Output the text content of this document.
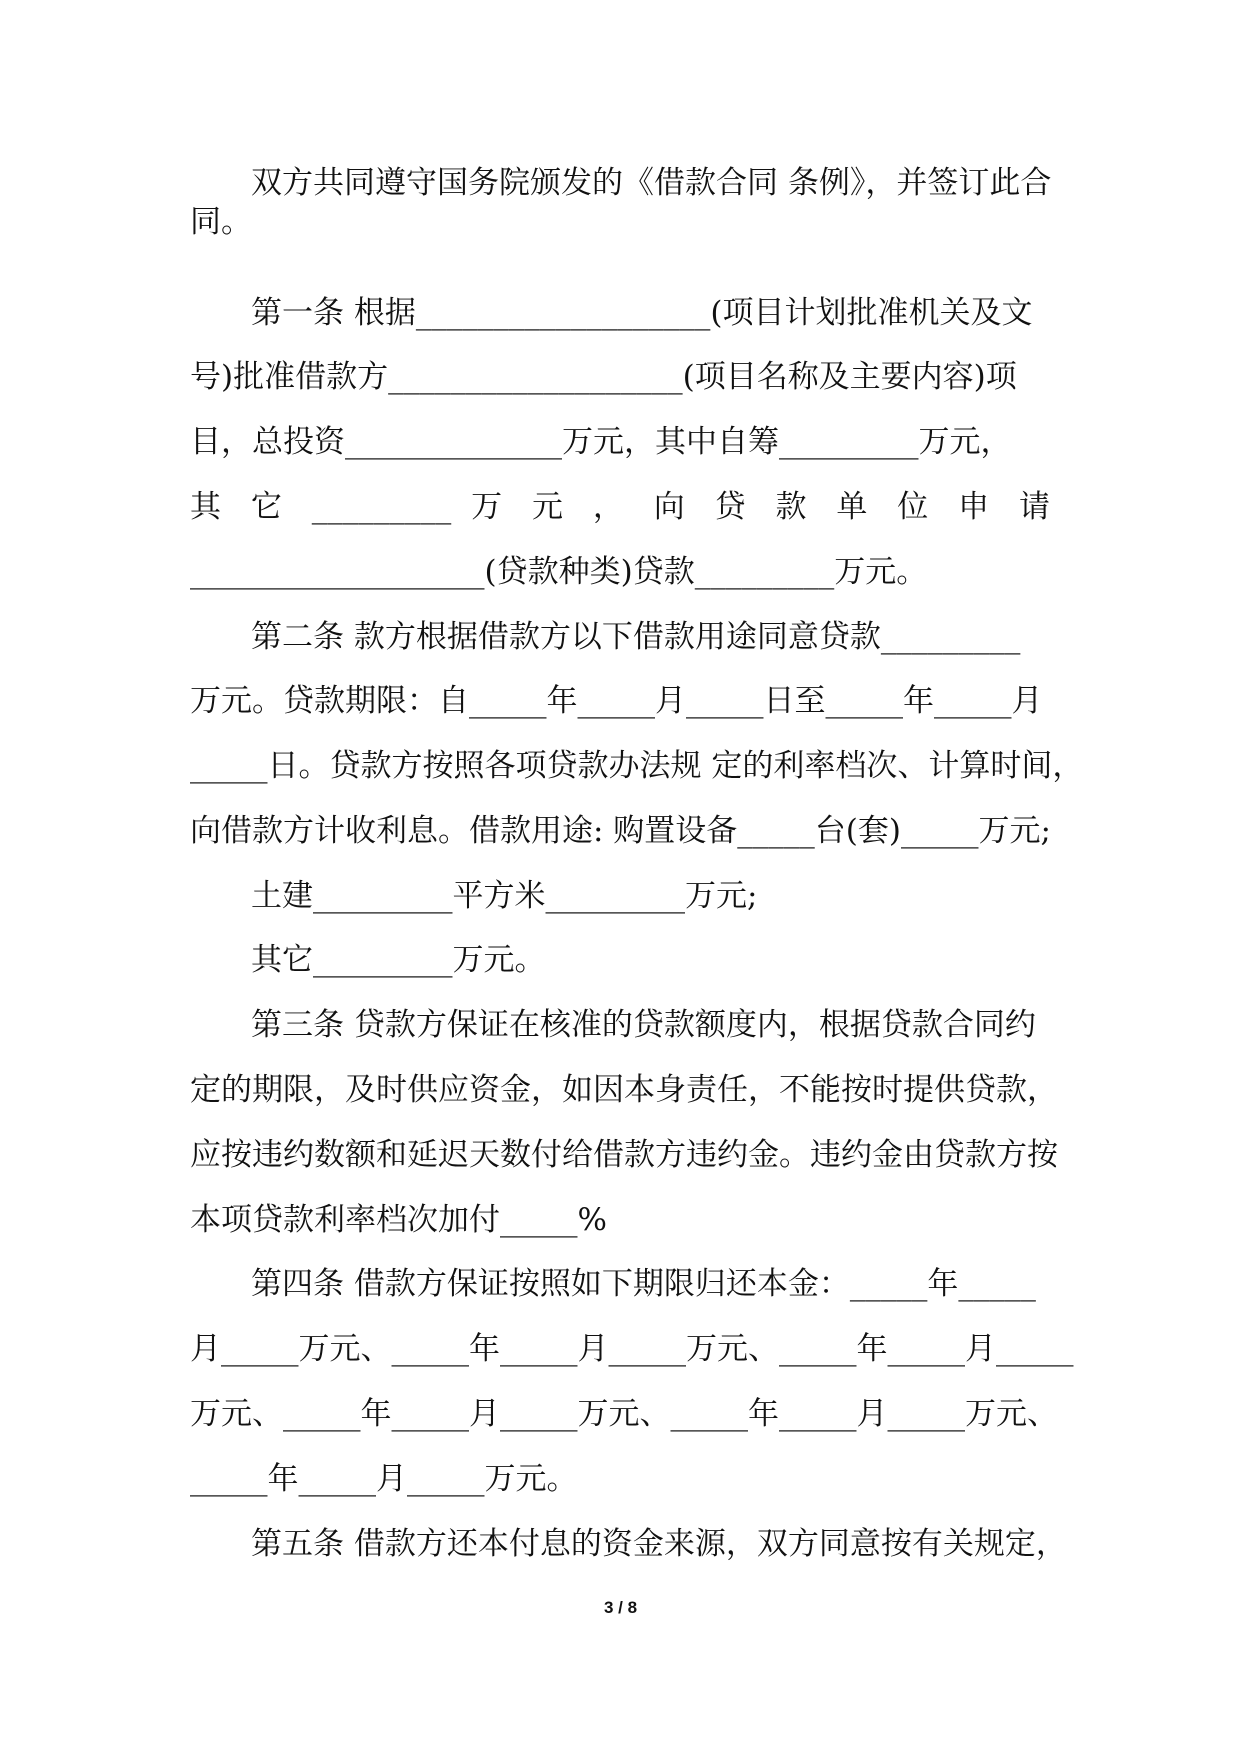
双方共同遵守国务院颁发的《借款合同 条例》，并签订此合

同。

第一条 根据___________________(项目计划批准机关及文

号)批准借款方___________________(项目名称及主要内容)项

目，总投资______________万元，其中自筹_________万元，

其 它 _________ 万 元 ， 向 贷 款 单 位 申 请

___________________(贷款种类)贷款_________万元。

第二条 款方根据借款方以下借款用途同意贷款_________

万元。贷款期限：自_____年_____月_____日至_____年_____月

_____日。贷款方按照各项贷款办法规 定的利率档次、计算时间，

向借款方计收利息。借款用途: 购置设备_____台(套)_____万元;

土建_________平方米_________万元;

其它_________万元。

第三条 贷款方保证在核准的贷款额度内，根据贷款合同约

定的期限，及时供应资金，如因本身责任，不能按时提供贷款，

应按违约数额和延迟天数付给借款方违约金。违约金由贷款方按

本项贷款利率档次加付_____%

第四条 借款方保证按照如下期限归还本金：_____年_____

月_____万元、_____年_____月_____万元、_____年_____月_____

万元、_____年_____月_____万元、_____年_____月_____万元、

_____年_____月_____万元。

第五条 借款方还本付息的资金来源，双方同意按有关规定，

3 / 8
